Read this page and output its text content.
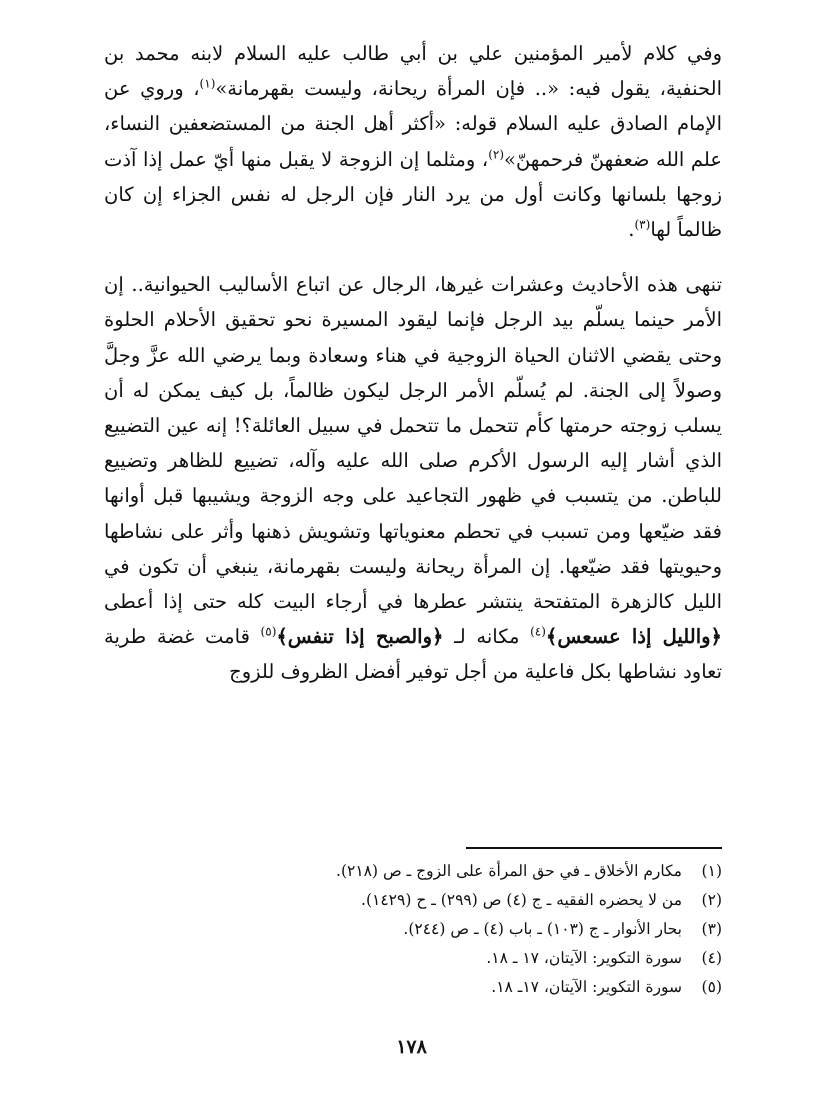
وفي كلام لأمير المؤمنين علي بن أبي طالب عليه السلام لابنه محمد بن الحنفية، يقول فيه: «.. فإن المرأة ريحانة، وليست بقهرمانة»$^{(١)}$، وروي عن الإمام الصادق عليه السلام قوله: «أكثر أهل الجنة من المستضعفين النساء، علم الله ضعفهنّ فرحمهنّ»$^{(٢)}$، ومثلما إن الزوجة لا يقبل منها أيّ عمل إذا آذت زوجها بلسانها وكانت أول من يرد النار فإن الرجل له نفس الجزاء إن كان ظالماً لها$^{(٣)}$.

تنهى هذه الأحاديث وعشرات غيرها، الرجال عن اتباع الأساليب الحيوانية.. إن الأمر حينما يسلّم بيد الرجل فإنما ليقود المسيرة نحو تحقيق الأحلام الحلوة وحتى يقضي الاثنان الحياة الزوجية في هناء وسعادة وبما يرضي الله عزَّ وجلَّ وصولاً إلى الجنة. لم يُسلّم الأمر الرجل ليكون ظالماً، بل كيف يمكن له أن يسلب زوجته حرمتها كأم تتحمل ما تتحمل في سبيل العائلة؟! إنه عين التضييع الذي أشار إليه الرسول الأكرم صلى الله عليه وآله، تضييع للظاهر وتضييع للباطن. من يتسبب في ظهور التجاعيد على وجه الزوجة ويشيبها قبل أوانها فقد ضيّعها ومن تسبب في تحطم معنوياتها وتشويش ذهنها وأثر على نشاطها وحيويتها فقد ضيّعها. إن المرأة ريحانة وليست بقهرمانة، ينبغي أن تكون في الليل كالزهرة المتفتحة ينتشر عطرها في أرجاء البيت كله حتى إذا أعطى ﴿والليل إذا عسعس﴾$^{(٤)}$ مكانه لـ ﴿والصبح إذا تنفس﴾$^{(٥)}$ قامت غضة طرية تعاود نشاطها بكل فاعلية من أجل توفير أفضل الظروف للزوج

(١)
مكارم الأخلاق ـ في حق المرأة على الزوج ـ ص (٢١٨).
(٢)
من لا يحضره الفقيه ـ ج (٤) ص (٢٩٩) ـ ح (١٤٢٩).
(٣)
بحار الأنوار ـ ج (١٠٣) ـ باب (٤) ـ ص (٢٤٤).
(٤)
سورة التكوير: الآيتان، ١٧ ـ ١٨.
(٥)
سورة التكوير: الآيتان، ١٧ـ ١٨.
١٧٨
